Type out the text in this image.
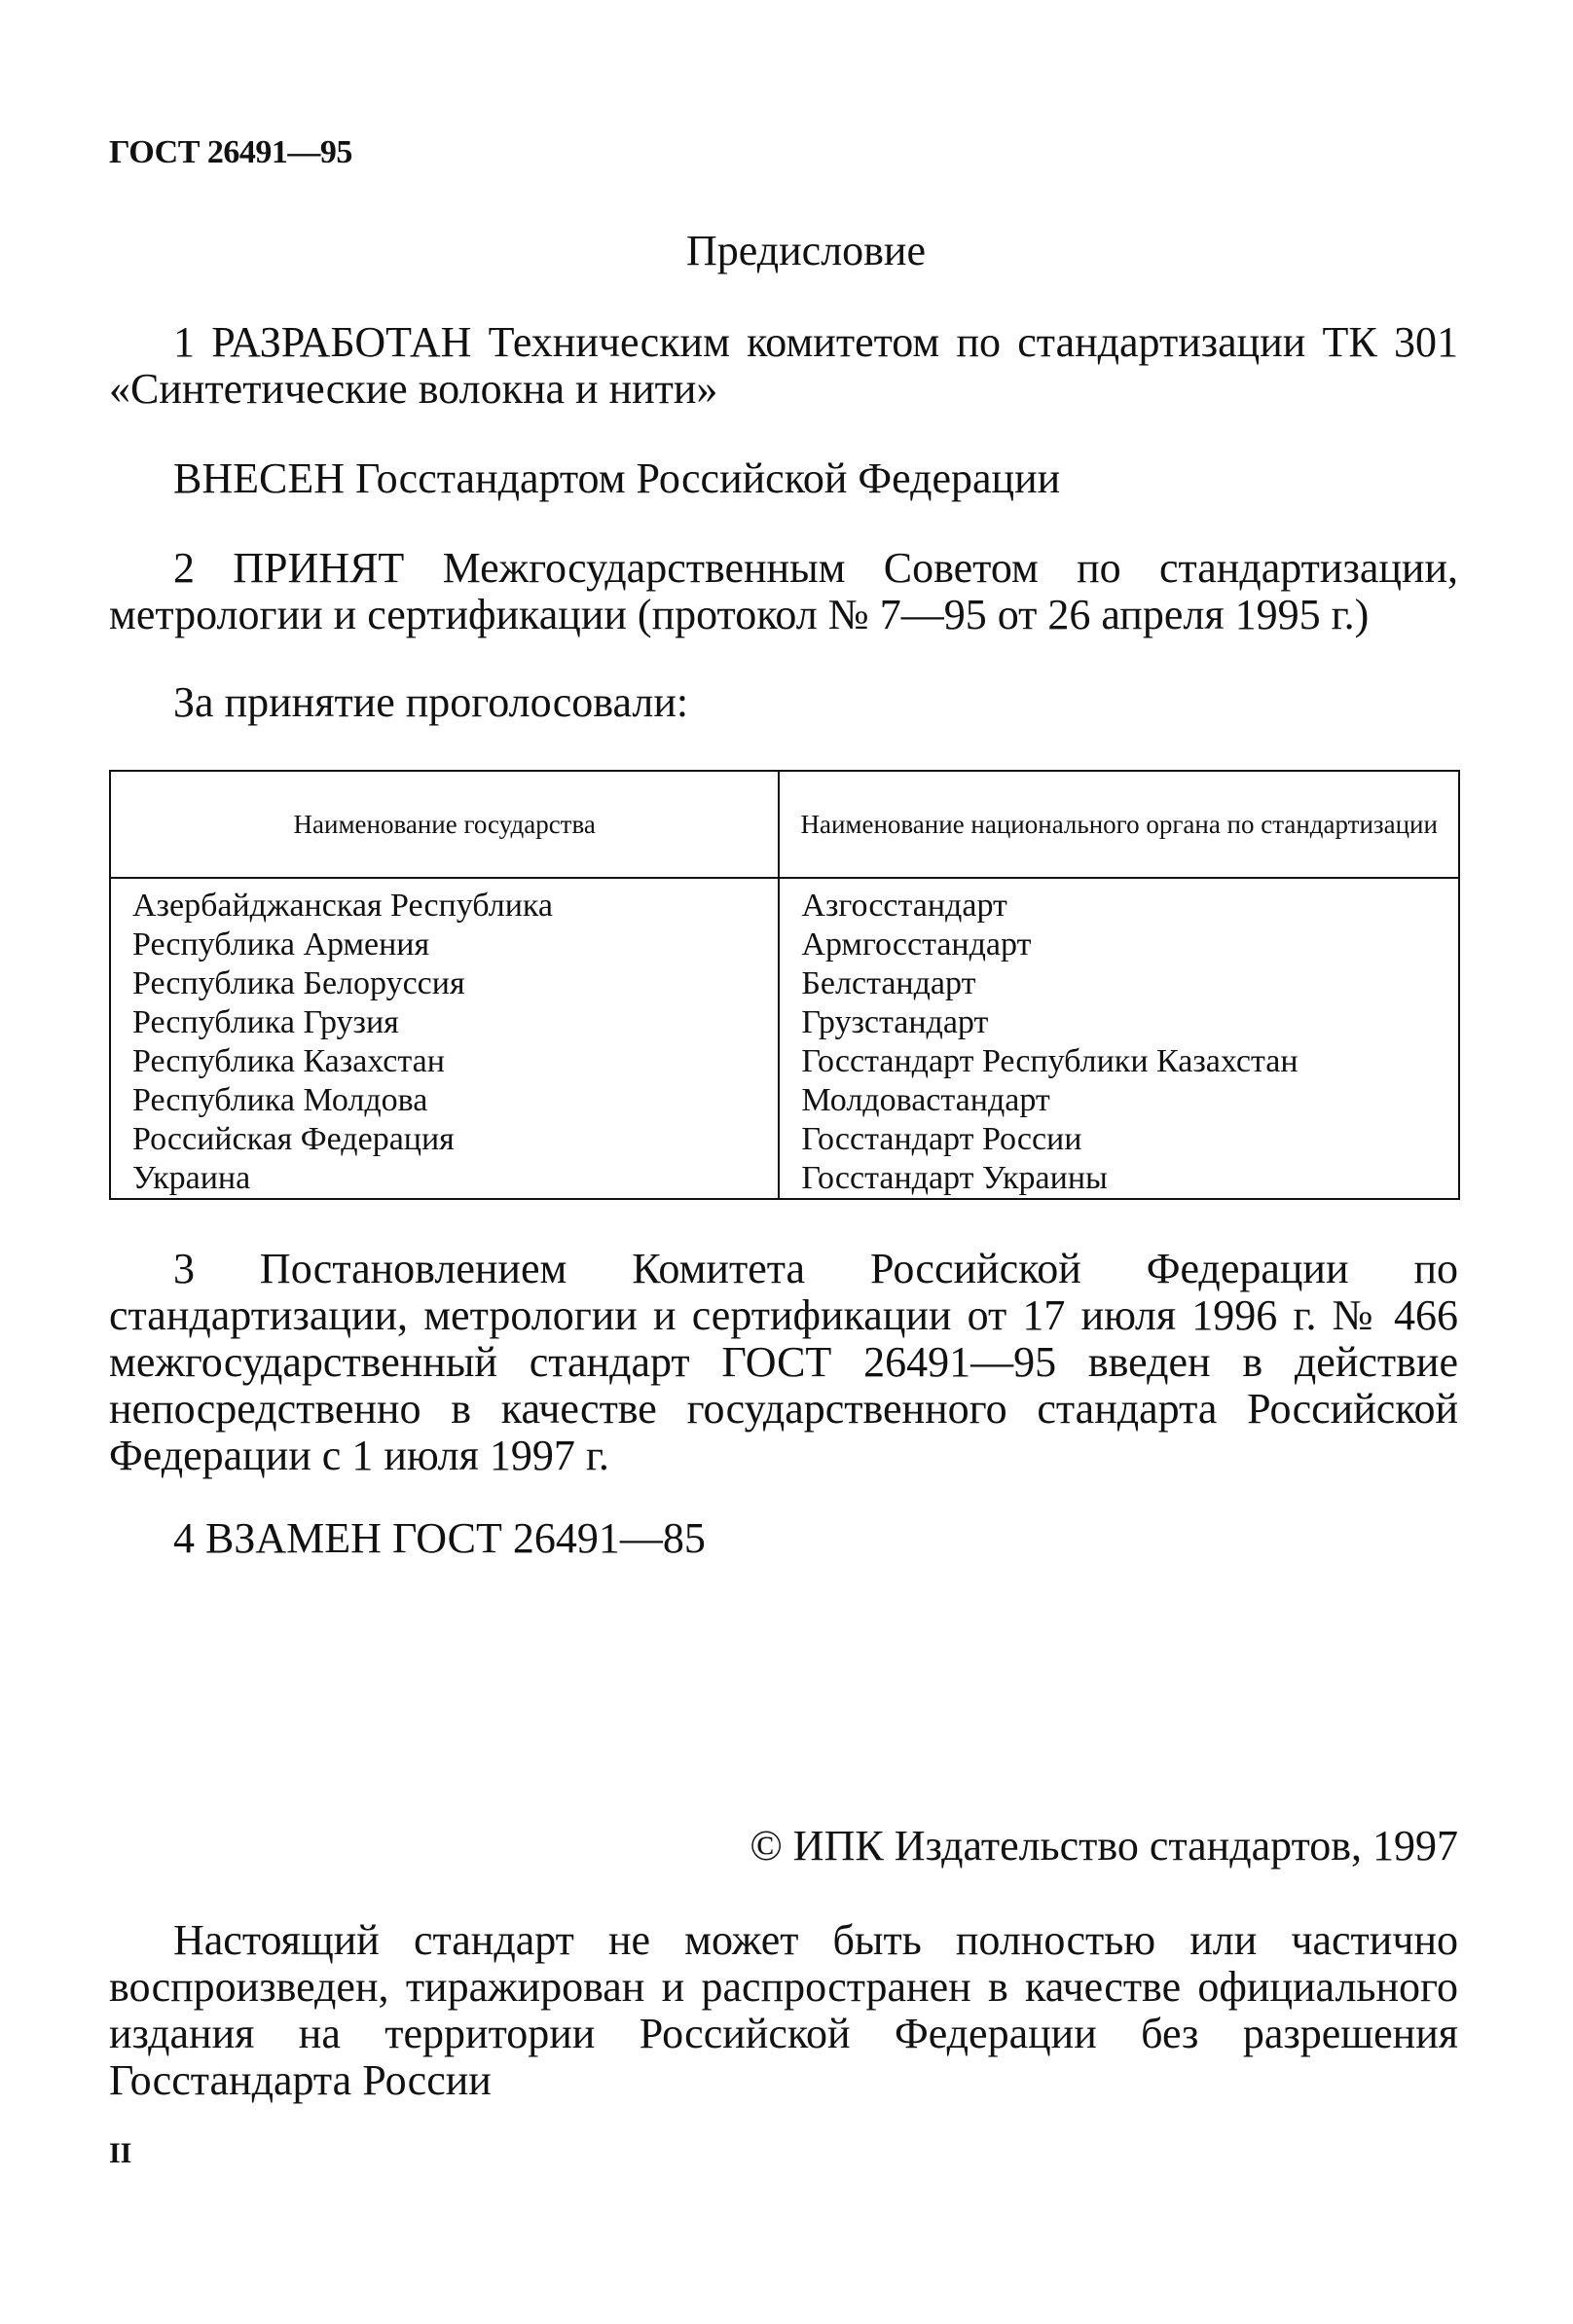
ГОСТ 26491—95
Предисловие

1 РАЗРАБОТАН Техническим комитетом по стандартизации ТК 301 «Синтетические волокна и нити»

ВНЕСЕН Госстандартом Российской Федерации

2 ПРИНЯТ Межгосударственным Советом по стандартизации, метрологии и сертификации (протокол № 7—95 от 26 апреля 1995 г.)

За принятие проголосовали:

Наименование государства	Наименование национального органа по стандартизации
Азербайджанская Республика	Азгосстандарт
Республика Армения	Армгосстандарт
Республика Белоруссия	Белстандарт
Республика Грузия	Грузстандарт
Республика Казахстан	Госстандарт Республики Казахстан
Республика Молдова	Молдовастандарт
Российская Федерация	Госстандарт России
Украина	Госстандарт Украины

3 Постановлением Комитета Российской Федерации по стандартизации, метрологии и сертификации от 17 июля 1996 г. № 466 межгосударственный стандарт ГОСТ 26491—95 введен в действие непосредственно в качестве государственного стандарта Российской Федерации с 1 июля 1997 г.

4 ВЗАМЕН ГОСТ 26491—85

© ИПК Издательство стандартов, 1997

Настоящий стандарт не может быть полностью или частично воспроизведен, тиражирован и распространен в качестве официального издания на территории Российской Федерации без разрешения Госстандарта России

II
